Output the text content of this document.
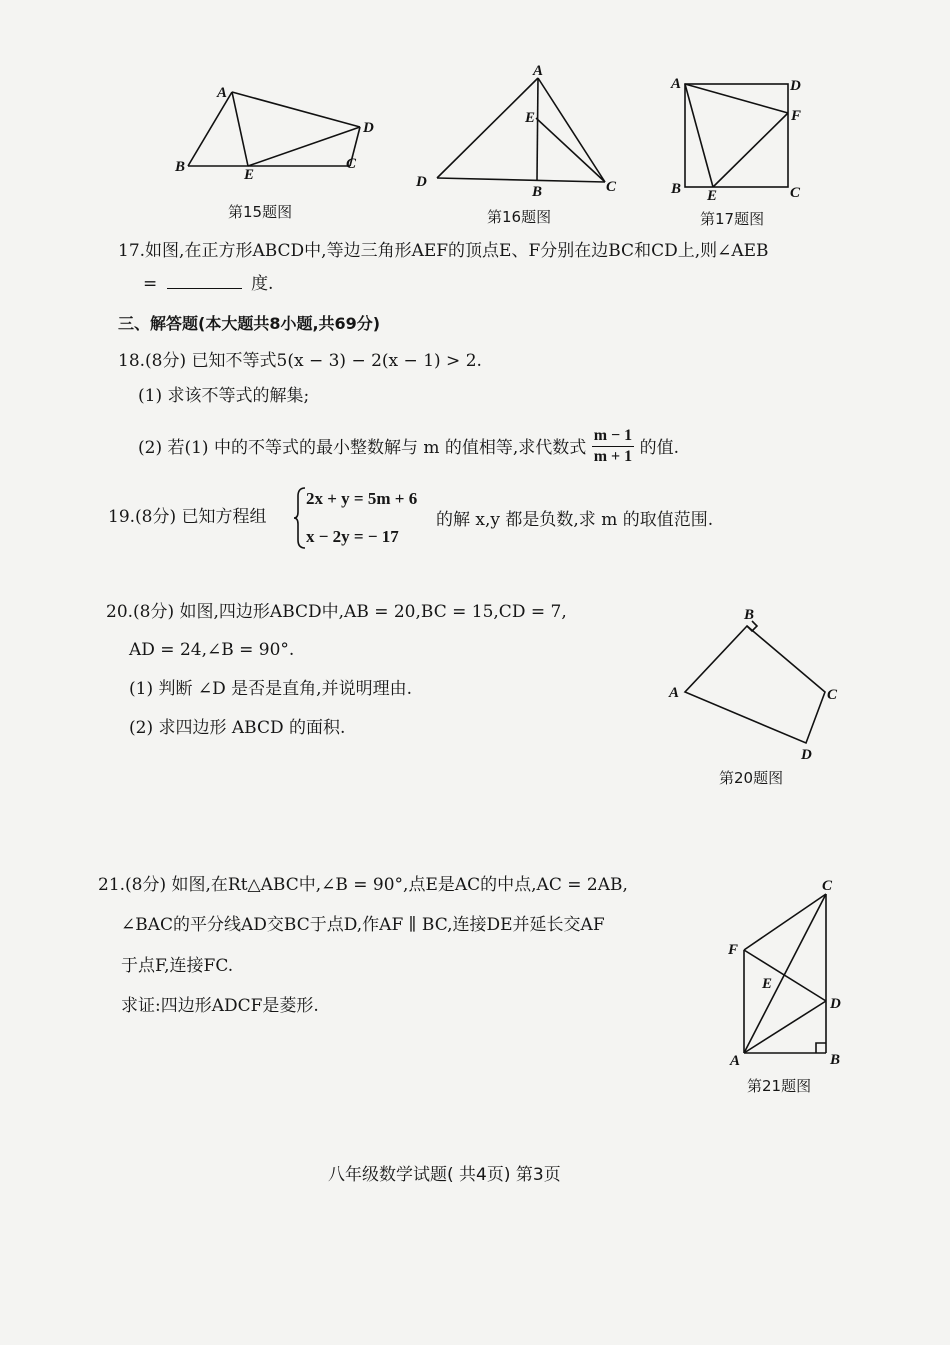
A
B	E
C
D
第15题图
A
E
D
B	C
第16题图
A	D
F
B E	C
第17题图
17.如图,在正方形ABCD中,等边三角形AEF的顶点E、F分别在边BC和CD上,则∠AEB
=	度.
三、解答题(本大题共8小题,共69分)
18.(8分) 已知不等式5(x − 3) − 2(x − 1) > 2.
(1) 求该不等式的解集;
(2) 若(1) 中的不等式的最小整数解与 m 的值相等,求代数式 $\frac{m - 1}{m + 1}$ 的值.
19.(8分) 已知方程组
2x + y = 5m + 6
x − 2y = − 17
的解 x,y 都是负数,求 m 的取值范围.
20.(8分) 如图,四边形ABCD中,AB = 20,BC = 15,CD = 7,
AD = 24,∠B = 90°.
(1) 判断 ∠D 是否是直角,并说明理由.
(2) 求四边形 ABCD 的面积.
B
A	C
D
第20题图
21.(8分) 如图,在Rt△ABC中,∠B = 90°,点E是AC的中点,AC = 2AB,
∠BAC的平分线AD交BC于点D,作AF ∥ BC,连接DE并延长交AF
于点F,连接FC.
求证:四边形ADCF是菱形.
C
F
E
D
A	B
第21题图
八年级数学试题( 共4页) 第3页
